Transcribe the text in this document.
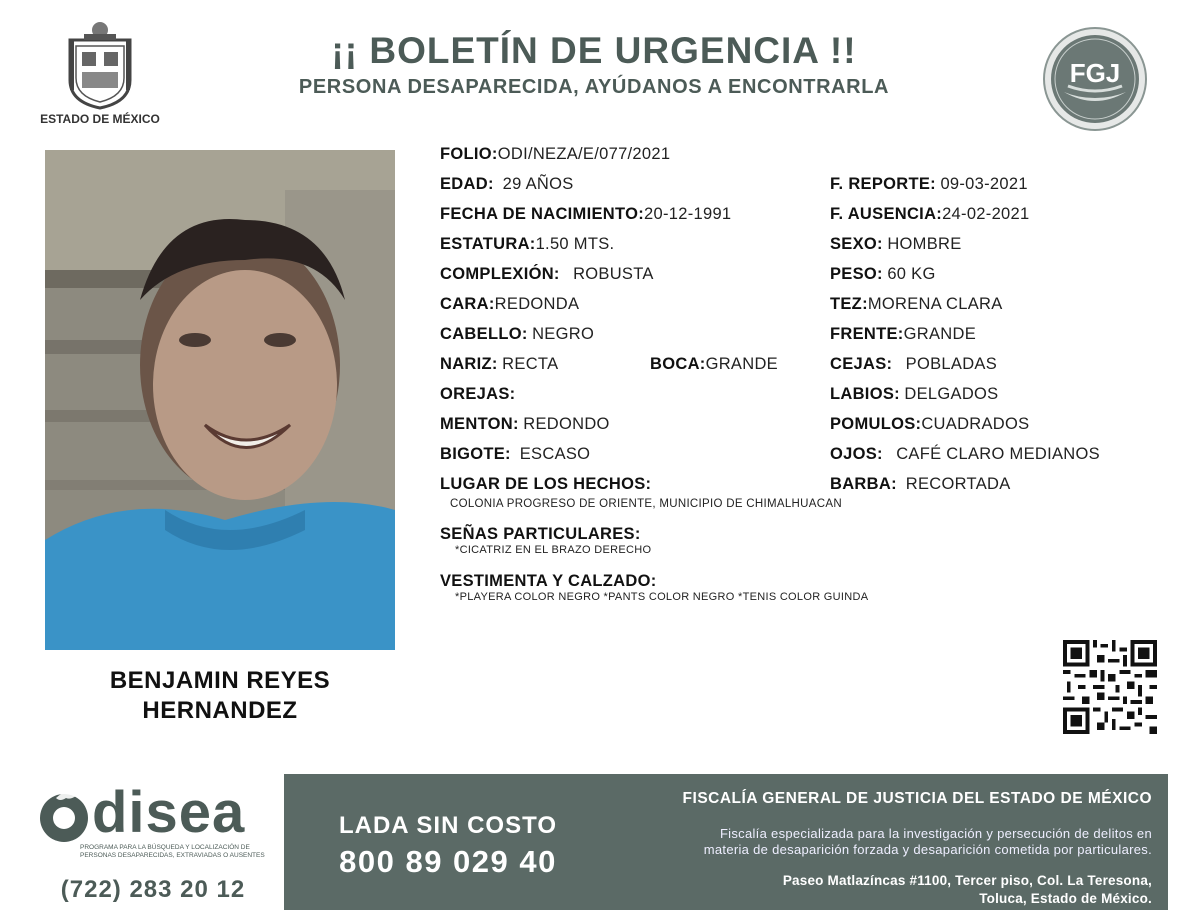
ESTADO DE MÉXICO
¡¡ BOLETÍN DE URGENCIA !!
PERSONA DESAPARECIDA, AYÚDANOS A ENCONTRARLA	FGJ
BENJAMIN REYES
HERNANDEZ
FOLIO:ODI/NEZA/E/077/2021
EDAD: 29 AÑOS
FECHA DE NACIMIENTO:20-12-1991
ESTATURA:1.50 MTS.
COMPLEXIÓN: ROBUSTA
CARA:REDONDA
CABELLO: NEGRO
NARIZ: RECTA	BOCA:GRANDE
OREJAS:
MENTON: REDONDO
BIGOTE: ESCASO
LUGAR DE LOS HECHOS:
COLONIA PROGRESO DE ORIENTE, MUNICIPIO DE CHIMALHUACAN
SEÑAS PARTICULARES:
*CICATRIZ EN EL BRAZO DERECHO
VESTIMENTA Y CALZADO:
*PLAYERA COLOR NEGRO *PANTS COLOR NEGRO *TENIS COLOR GUINDA
F. REPORTE: 09-03-2021
F. AUSENCIA:24-02-2021
SEXO: HOMBRE
PESO: 60 KG
TEZ:MORENA CLARA
FRENTE:GRANDE
CEJAS: POBLADAS
LABIOS: DELGADOS
POMULOS:CUADRADOS
OJOS: CAFÉ CLARO MEDIANOS
BARBA: RECORTADA
disea
PROGRAMA PARA LA BÚSQUEDA Y LOCALIZACIÓN DE PERSONAS DESAPARECIDAS, EXTRAVIADAS O AUSENTES
(722) 283 20 12
LADA SIN COSTO
800 89 029 40
FISCALÍA GENERAL DE JUSTICIA DEL ESTADO DE MÉXICO
Fiscalía especializada para la investigación y persecución de delitos en
materia de desaparición forzada y desaparición cometida por particulares.
Paseo Matlazíncas #1100, Tercer piso, Col. La Teresona,
Toluca, Estado de México.
